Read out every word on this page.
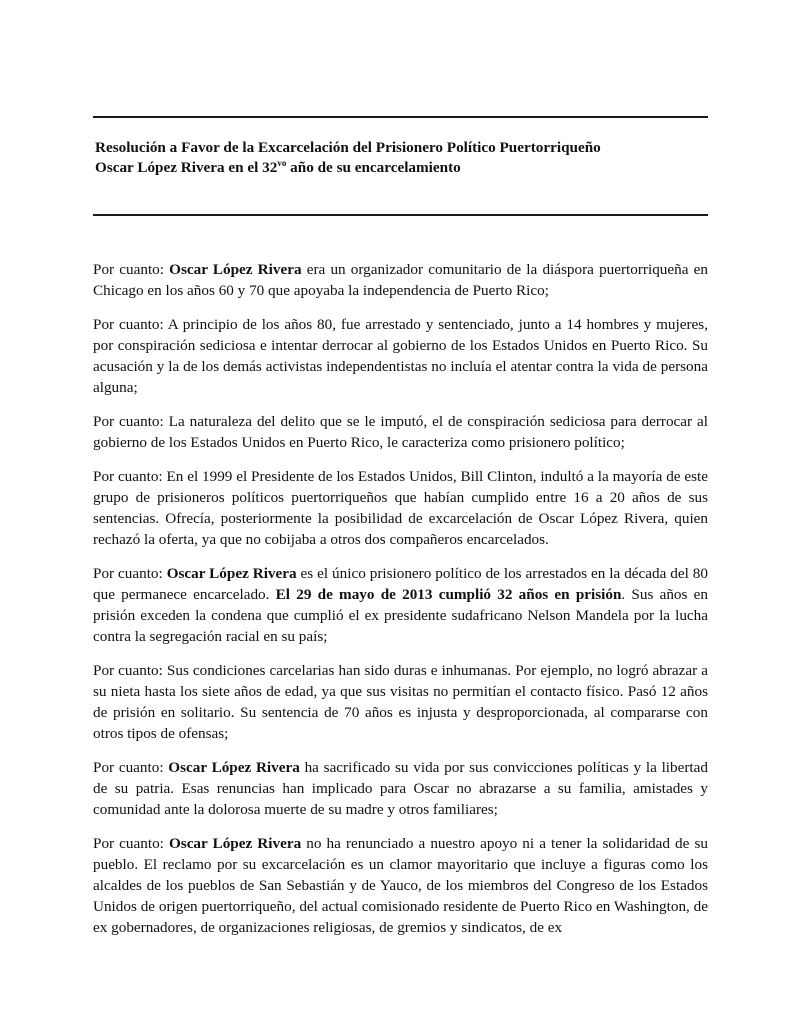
Resolución a Favor de la Excarcelación del Prisionero Político Puertorriqueño
Oscar López Rivera en el $32^{vo}$ año de su encarcelamiento

Por cuanto: Oscar López Rivera era un organizador comunitario de la diáspora puertorriqueña en Chicago en los años 60 y 70 que apoyaba la independencia de Puerto Rico;

Por cuanto: A principio de los años 80, fue arrestado y sentenciado, junto a 14 hombres y mujeres, por conspiración sediciosa e intentar derrocar al gobierno de los Estados Unidos en Puerto Rico. Su acusación y la de los demás activistas independentistas no incluía el atentar contra la vida de persona alguna;

Por cuanto: La naturaleza del delito que se le imputó, el de conspiración sediciosa para derrocar al gobierno de los Estados Unidos en Puerto Rico, le caracteriza como prisionero político;

Por cuanto: En el 1999 el Presidente de los Estados Unidos, Bill Clinton, indultó a la mayoría de este grupo de prisioneros políticos puertorriqueños que habían cumplido entre 16 a 20 años de sus sentencias. Ofrecía, posteriormente la posibilidad de excarcelación de Oscar López Rivera, quien rechazó la oferta, ya que no cobijaba a otros dos compañeros encarcelados.

Por cuanto: Oscar López Rivera es el único prisionero político de los arrestados en la década del 80 que permanece encarcelado. El 29 de mayo de 2013 cumplió 32 años en prisión. Sus años en prisión exceden la condena que cumplió el ex presidente sudafricano Nelson Mandela por la lucha contra la segregación racial en su país;

Por cuanto: Sus condiciones carcelarias han sido duras e inhumanas. Por ejemplo, no logró abrazar a su nieta hasta los siete años de edad, ya que sus visitas no permitían el contacto físico. Pasó 12 años de prisión en solitario. Su sentencia de 70 años es injusta y desproporcionada, al compararse con otros tipos de ofensas;

Por cuanto: Oscar López Rivera ha sacrificado su vida por sus convicciones políticas y la libertad de su patria. Esas renuncias han implicado para Oscar no abrazarse a su familia, amistades y comunidad ante la dolorosa muerte de su madre y otros familiares;

Por cuanto: Oscar López Rivera no ha renunciado a nuestro apoyo ni a tener la solidaridad de su pueblo. El reclamo por su excarcelación es un clamor mayoritario que incluye a figuras como los alcaldes de los pueblos de San Sebastián y de Yauco, de los miembros del Congreso de los Estados Unidos de origen puertorriqueño, del actual comisionado residente de Puerto Rico en Washington, de ex gobernadores, de organizaciones religiosas, de gremios y sindicatos, de ex
